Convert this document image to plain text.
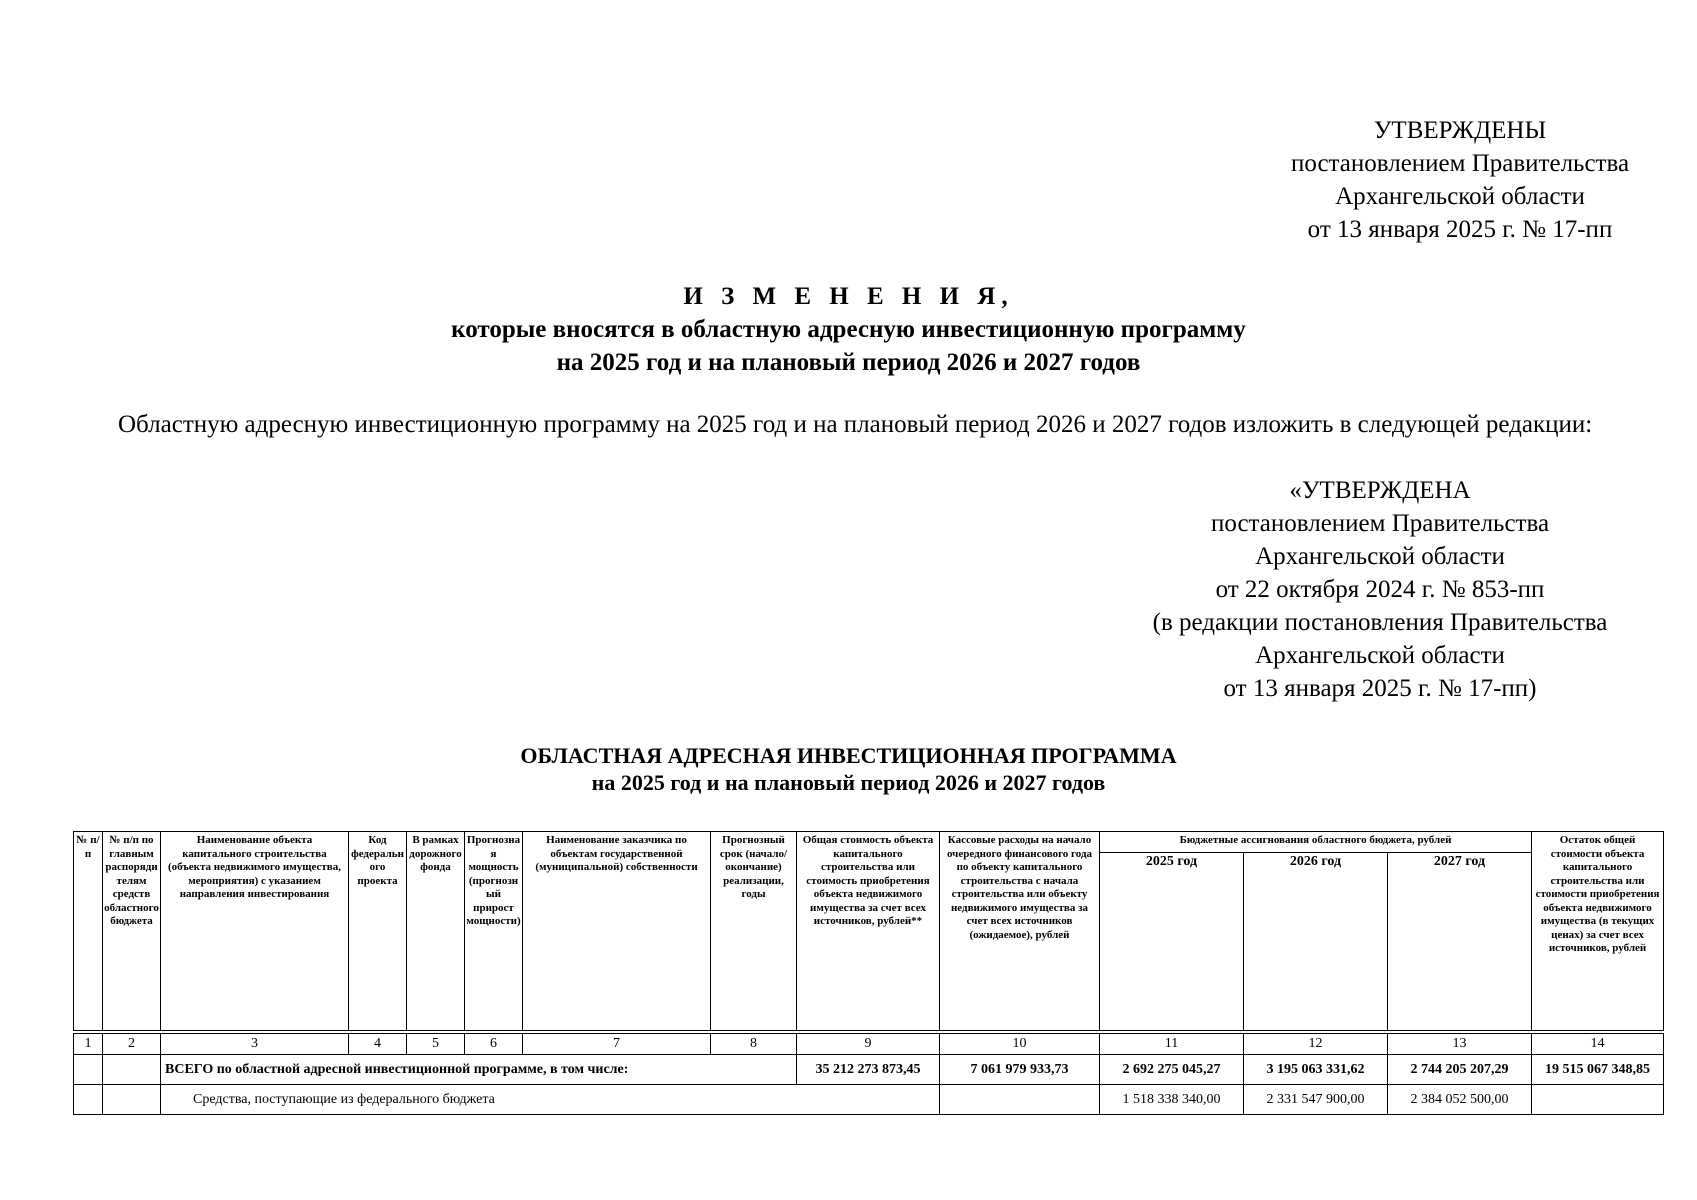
УТВЕРЖДЕНЫ
постановлением Правительства
Архангельской области
от 13 января 2025 г. № 17-пп
И З М Е Н Е Н И Я,
которые вносятся в областную адресную инвестиционную программу
на 2025 год и на плановый период 2026 и 2027 годов
Областную адресную инвестиционную программу на 2025 год и на плановый период 2026 и 2027 годов изложить в следующей редакции:
«УТВЕРЖДЕНА
постановлением Правительства
Архангельской области
от 22 октября 2024 г. № 853-пп
(в редакции постановления Правительства
Архангельской области
от 13 января 2025 г. № 17-пп)
ОБЛАСТНАЯ АДРЕСНАЯ ИНВЕСТИЦИОННАЯ ПРОГРАММА
на 2025 год и на плановый период 2026 и 2027 годов
№ п/п	№ п/п по главным распорядителям средств областного бюджета	Наименование объекта капитального строительства (объекта недвижимого имущества, мероприятия) с указанием направления инвестирования	Код федерального проекта	В рамках дорожного фонда	Прогнозная мощность (прогнозный прирост мощности)	Наименование заказчика по объектам государственной (муниципальной) собственности	Прогнозный срок (начало/ окончание) реализации, годы	Общая стоимость объекта капитального строительства или стоимость приобретения объекта недвижимого имущества за счет всех источников, рублей**	Кассовые расходы на начало очередного финансового года по объекту капитального строительства с начала строительства или объекту недвижимого имущества за счет всех источников (ожидаемое), рублей	Бюджетные ассигнования областного бюджета, рублей			Остаток общей стоимости объекта капитального строительства или стоимости приобретения объекта недвижимого имущества (в текущих ценах) за счет всех источников, рублей
										2025 год	2026 год	2027 год	
1	2	3	4	5	6	7	8	9	10	11	12	13	14
		ВСЕГО по областной адресной инвестиционной программе, в том числе:						35 212 273 873,45	7 061 979 933,73	2 692 275 045,27	3 195 063 331,62	2 744 205 207,29	19 515 067 348,85
		Средства, поступающие из федерального бюджета								1 518 338 340,00	2 331 547 900,00	2 384 052 500,00	
